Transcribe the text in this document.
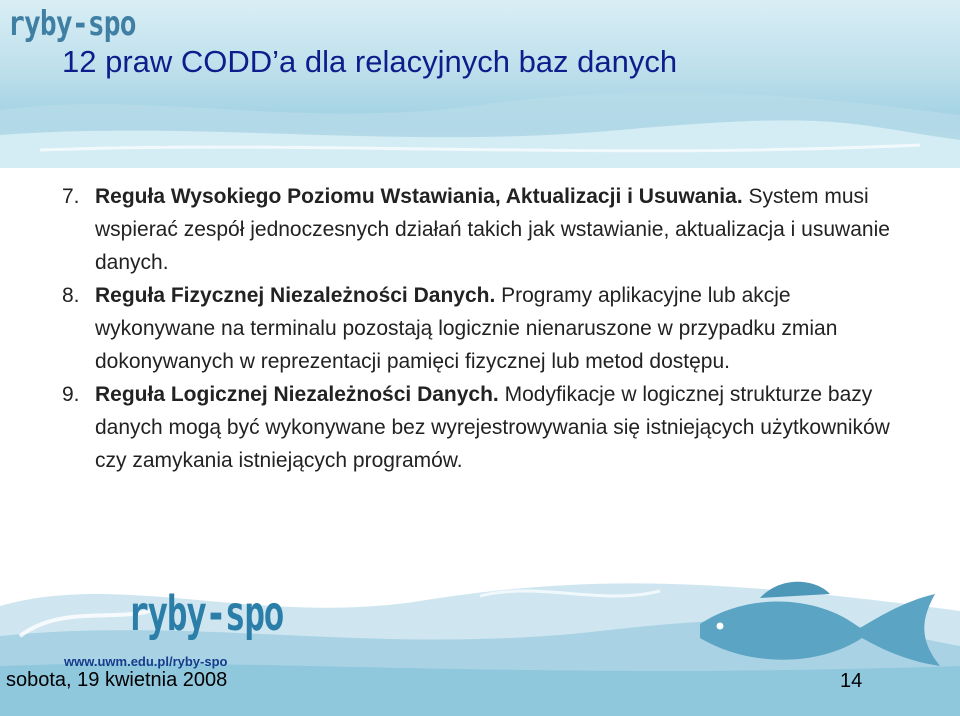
ryby-spo
12 praw CODD’a dla relacyjnych baz danych
7. Reguła Wysokiego Poziomu Wstawiania, Aktualizacji i Usuwania. System musi wspierać zespół jednoczesnych działań takich jak wstawianie, aktualizacja i usuwanie danych.
8. Reguła Fizycznej Niezależności Danych. Programy aplikacyjne lub akcje wykonywane na terminalu pozostają logicznie nienaruszone w przypadku zmian dokonywanych w reprezentacji pamięci fizycznej lub metod dostępu.
9. Reguła Logicznej Niezależności Danych. Modyfikacje w logicznej strukturze bazy danych mogą być wykonywane bez wyrejestrowywania się istniejących użytkowników czy zamykania istniejących programów.
ryby-spo
www.uwm.edu.pl/ryby-spo
sobota, 19 kwietnia 2008	14
